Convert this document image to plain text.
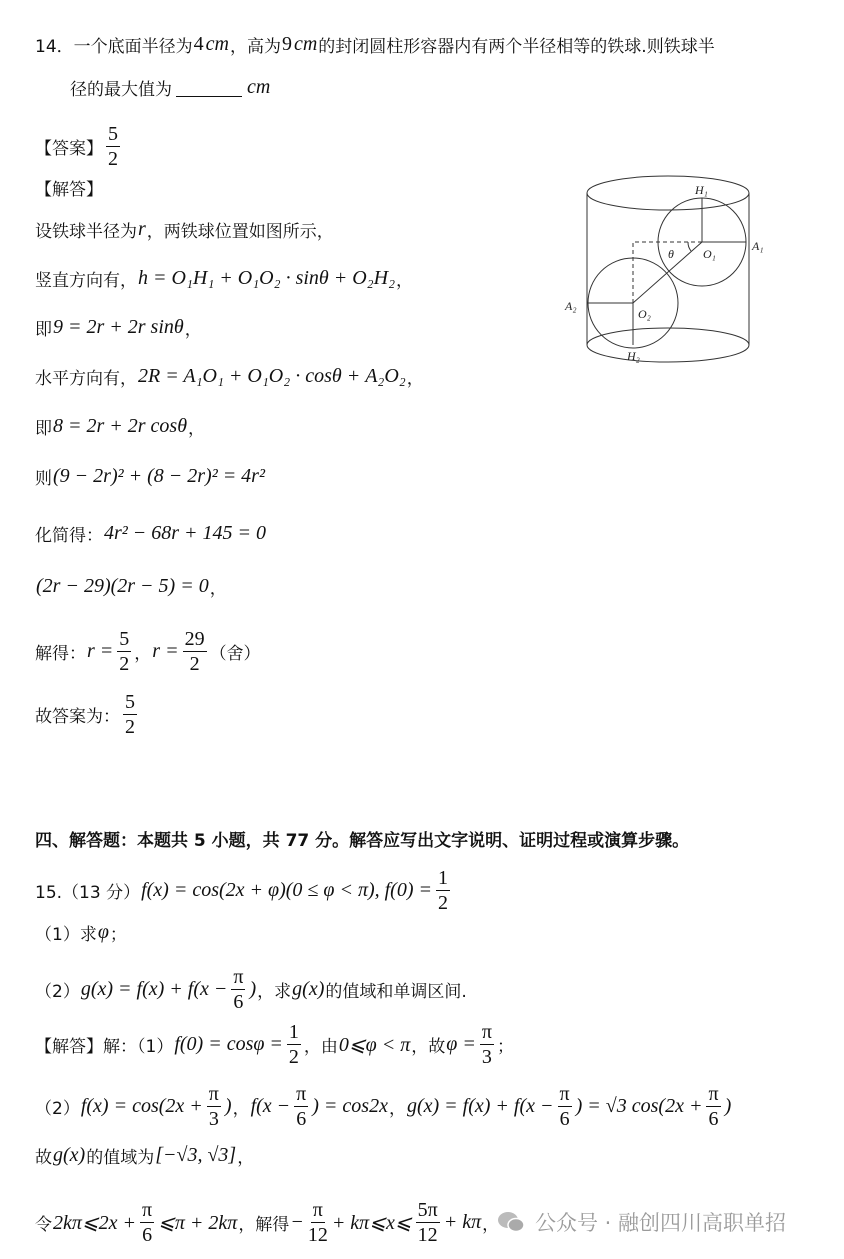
H₁
O₁
A₁
θ
A₂
O₂
H₂
公众号 · 融创四川高职单招
14．一个底面半径为 4 cm ，高为 9 cm 的封闭圆柱形容器内有两个半径相等的铁球.则铁球半
径的最大值为	cm
【答案】 $\frac{5}{2}$
【解答】
设铁球半径为 r ，两铁球位置如图所示，
竖直方向有， h = O₁H₁ + O₁O₂ · sinθ + O₂H₂ ，
即 9 = 2r + 2r sinθ ，
水平方向有， 2R = A₁O₁ + O₁O₂ · cosθ + A₂O₂ ，
即 8 = 2r + 2r cosθ ，
则 (9 − 2r)² + (8 − 2r)² = 4r²
化简得： 4r² − 68r + 145 = 0
(2r − 29)(2r − 5) = 0 ，
解得： $r = \frac{5}{2}$ ， $r = \frac{29}{2}$ （舍）
故答案为： $\frac{5}{2}$
四、解答题：本题共 5 小题，共 77 分。解答应写出文字说明、证明过程或演算步骤。
15.（13 分） f(x) = cos(2x + φ)(0 ≤ φ < π), $f(0) = \frac{1}{2}$
（1）求 φ ；
（2） $g(x) = f(x) + f(x - \frac{\pi}{6}$ ) ，求 g(x) 的值域和单调区间.
【解答】解：（1） $f(0) = \cos\varphi = \frac{1}{2}$ ，由 0⩽φ < π ，故 $\varphi = \frac{\pi}{3}$ ；
（2） $f(x) = \cos(2x + \frac{\pi}{3}$ ) ， $f(x - \frac{\pi}{6}$ ) = cos2x ， $g(x) = f(x) + f(x - \frac{\pi}{6}$ ) = √3 $\cos(2x + \frac{\pi}{6}$ )
故 g(x) 的值域为 [−√3, √3] ，
令 2kπ⩽2x + $\frac{\pi}{6}$ ⩽π + 2kπ ，解得 − $\frac{\pi}{12}$ + kπ⩽x⩽ $\frac{5\pi}{12} + k\pi$ ，
